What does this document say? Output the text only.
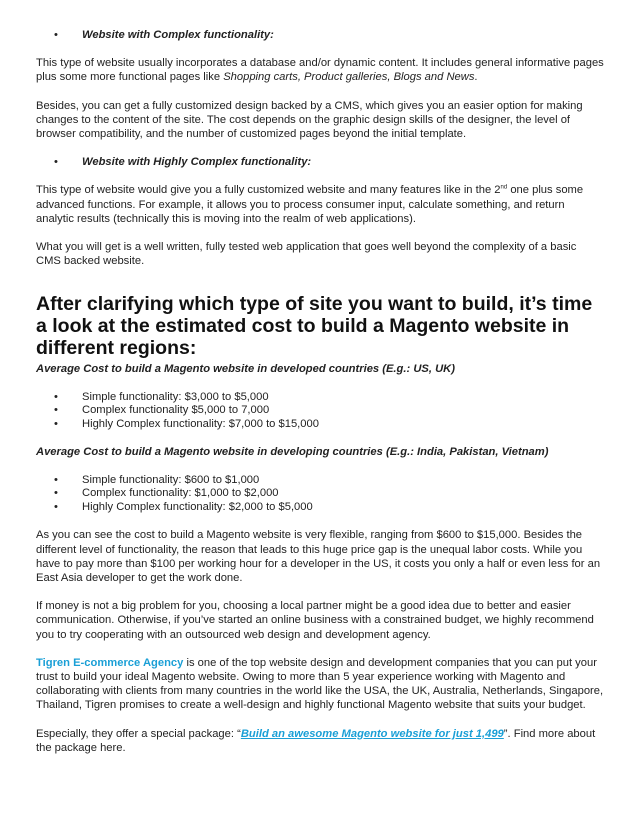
• Website with Complex functionality:

This type of website usually incorporates a database and/or dynamic content. It includes general informative pages plus some more functional pages like Shopping carts, Product galleries, Blogs and News.

Besides, you can get a fully customized design backed by a CMS, which gives you an easier option for making changes to the content of the site. The cost depends on the graphic design skills of the designer, the level of browser compatibility, and the number of customized pages beyond the initial template.

• Website with Highly Complex functionality:

This type of website would give you a fully customized website and many features like in the 2nd one plus some advanced functions. For example, it allows you to process consumer input, calculate something, and return analytic results (technically this is moving into the realm of web applications).

What you will get is a well written, fully tested web application that goes well beyond the complexity of a basic CMS backed website.

After clarifying which type of site you want to build, it’s time a look at the estimated cost to build a Magento website in different regions:
Average Cost to build a Magento website in developed countries (E.g.: US, UK)
• Simple functionality: $3,000 to $5,000
• Complex functionality $5,000 to 7,000
• Highly Complex functionality: $7,000 to $15,000
Average Cost to build a Magento website in developing countries (E.g.: India, Pakistan, Vietnam)
• Simple functionality: $600 to $1,000
• Complex functionality: $1,000 to $2,000
• Highly Complex functionality: $2,000 to $5,000

As you can see the cost to build a Magento website is very flexible, ranging from $600 to $15,000. Besides the different level of functionality, the reason that leads to this huge price gap is the unequal labor costs. While you have to pay more than $100 per working hour for a developer in the US, it costs you only a half or even less for an East Asia developer to get the work done.

If money is not a big problem for you, choosing a local partner might be a good idea due to better and easier communication. Otherwise, if you’ve started an online business with a constrained budget, we highly recommend you to try cooperating with an outsourced web design and development agency.

Tigren E-commerce Agency is one of the top website design and development companies that you can put your trust to build your ideal Magento website. Owing to more than 5 year experience working with Magento and collaborating with clients from many countries in the world like the USA, the UK, Australia, Netherlands, Singapore, Thailand, Tigren promises to create a well-design and highly functional Magento website that suits your budget.

Especially, they offer a special package: “Build an awesome Magento website for just 1,499”. Find more about the package here.
